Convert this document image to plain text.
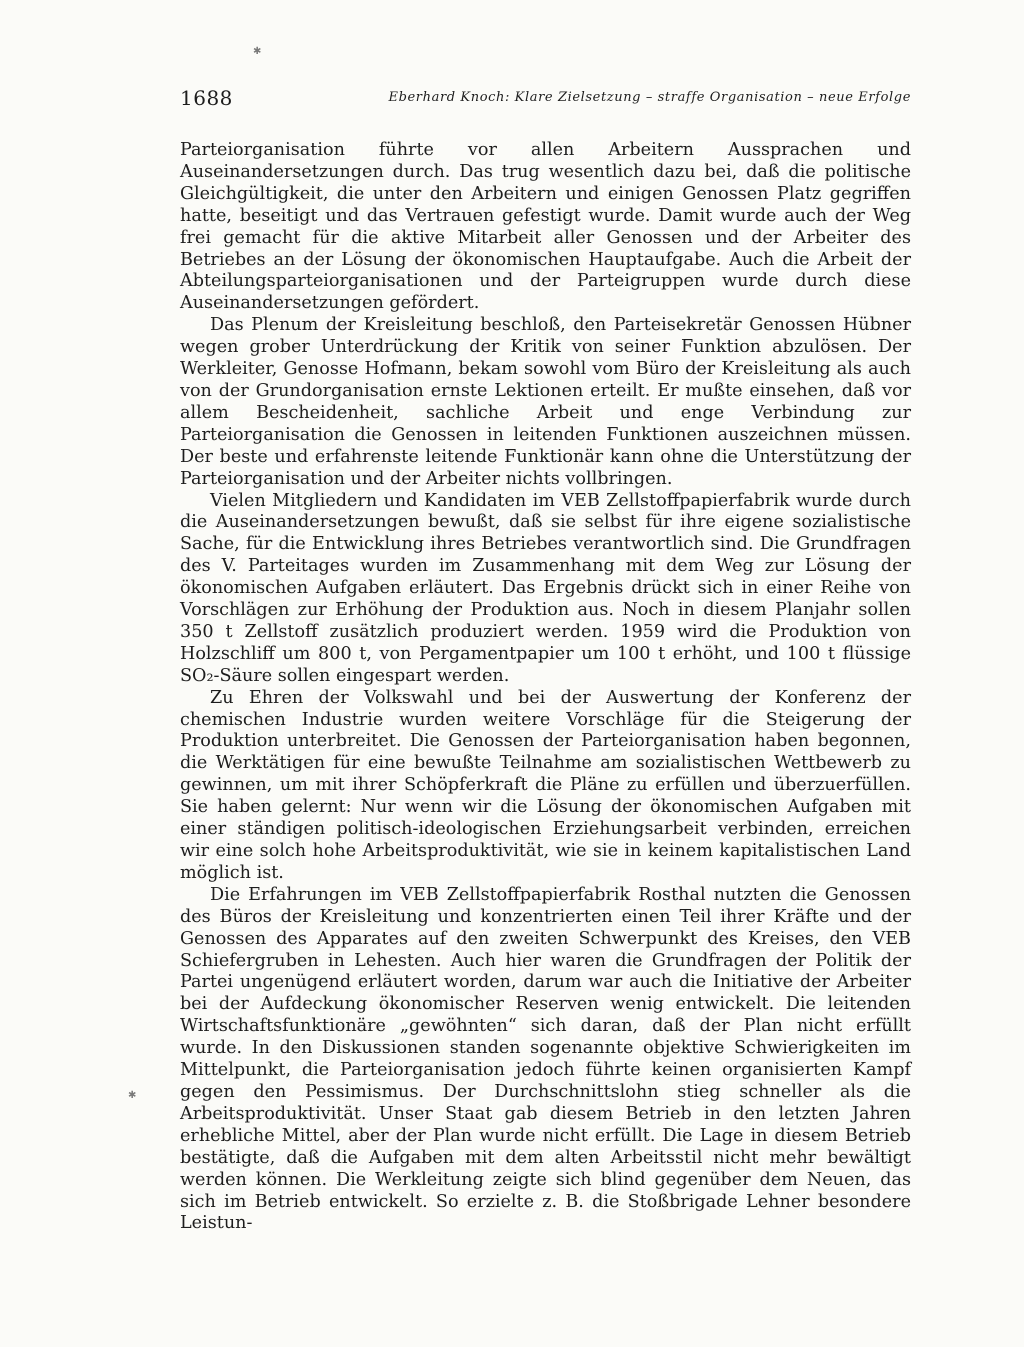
✱
✱
1688	Eberhard Knoch: Klare Zielsetzung – straffe Organisation – neue Erfolge

Parteiorganisation führte vor allen Arbeitern Aussprachen und Auseinandersetzungen durch. Das trug wesentlich dazu bei, daß die politische Gleichgültigkeit, die unter den Arbeitern und einigen Genossen Platz gegriffen hatte, beseitigt und das Vertrauen gefestigt wurde. Damit wurde auch der Weg frei gemacht für die aktive Mitarbeit aller Genossen und der Arbeiter des Betriebes an der Lösung der ökonomischen Hauptaufgabe. Auch die Arbeit der Abteilungsparteiorganisationen und der Parteigruppen wurde durch diese Auseinandersetzungen gefördert.

Das Plenum der Kreisleitung beschloß, den Parteisekretär Genossen Hübner wegen grober Unterdrückung der Kritik von seiner Funktion abzulösen. Der Werkleiter, Genosse Hofmann, bekam sowohl vom Büro der Kreisleitung als auch von der Grundorganisation ernste Lektionen erteilt. Er mußte einsehen, daß vor allem Bescheidenheit, sachliche Arbeit und enge Verbindung zur Parteiorganisation die Genossen in leitenden Funktionen auszeichnen müssen. Der beste und erfahrenste leitende Funktionär kann ohne die Unterstützung der Parteiorganisation und der Arbeiter nichts vollbringen.

Vielen Mitgliedern und Kandidaten im VEB Zellstoffpapierfabrik wurde durch die Auseinandersetzungen bewußt, daß sie selbst für ihre eigene sozialistische Sache, für die Entwicklung ihres Betriebes verantwortlich sind. Die Grundfragen des V. Parteitages wurden im Zusammenhang mit dem Weg zur Lösung der ökonomischen Aufgaben erläutert. Das Ergebnis drückt sich in einer Reihe von Vorschlägen zur Erhöhung der Produktion aus. Noch in diesem Planjahr sollen 350 t Zellstoff zusätzlich produziert werden. 1959 wird die Produktion von Holzschliff um 800 t, von Pergamentpapier um 100 t erhöht, und 100 t flüssige SO₂-Säure sollen eingespart werden.

Zu Ehren der Volkswahl und bei der Auswertung der Konferenz der chemischen Industrie wurden weitere Vorschläge für die Steigerung der Produktion unterbreitet. Die Genossen der Parteiorganisation haben begonnen, die Werktätigen für eine bewußte Teilnahme am sozialistischen Wettbewerb zu gewinnen, um mit ihrer Schöpferkraft die Pläne zu erfüllen und überzuerfüllen. Sie haben gelernt: Nur wenn wir die Lösung der ökonomischen Aufgaben mit einer ständigen politisch-ideologischen Erziehungsarbeit verbinden, erreichen wir eine solch hohe Arbeitsproduktivität, wie sie in keinem kapitalistischen Land möglich ist.

Die Erfahrungen im VEB Zellstoffpapierfabrik Rosthal nutzten die Genossen des Büros der Kreisleitung und konzentrierten einen Teil ihrer Kräfte und der Genossen des Apparates auf den zweiten Schwerpunkt des Kreises, den VEB Schiefergruben in Lehesten. Auch hier waren die Grundfragen der Politik der Partei ungenügend erläutert worden, darum war auch die Initiative der Arbeiter bei der Aufdeckung ökonomischer Reserven wenig entwickelt. Die leitenden Wirtschaftsfunktionäre „gewöhnten“ sich daran, daß der Plan nicht erfüllt wurde. In den Diskussionen standen sogenannte objektive Schwierigkeiten im Mittelpunkt, die Parteiorganisation jedoch führte keinen organisierten Kampf gegen den Pessimismus. Der Durchschnittslohn stieg schneller als die Arbeitsproduktivität. Unser Staat gab diesem Betrieb in den letzten Jahren erhebliche Mittel, aber der Plan wurde nicht erfüllt. Die Lage in diesem Betrieb bestätigte, daß die Aufgaben mit dem alten Arbeitsstil nicht mehr bewältigt werden können. Die Werkleitung zeigte sich blind gegenüber dem Neuen, das sich im Betrieb entwickelt. So erzielte z. B. die Stoßbrigade Lehner besondere Leistun-
